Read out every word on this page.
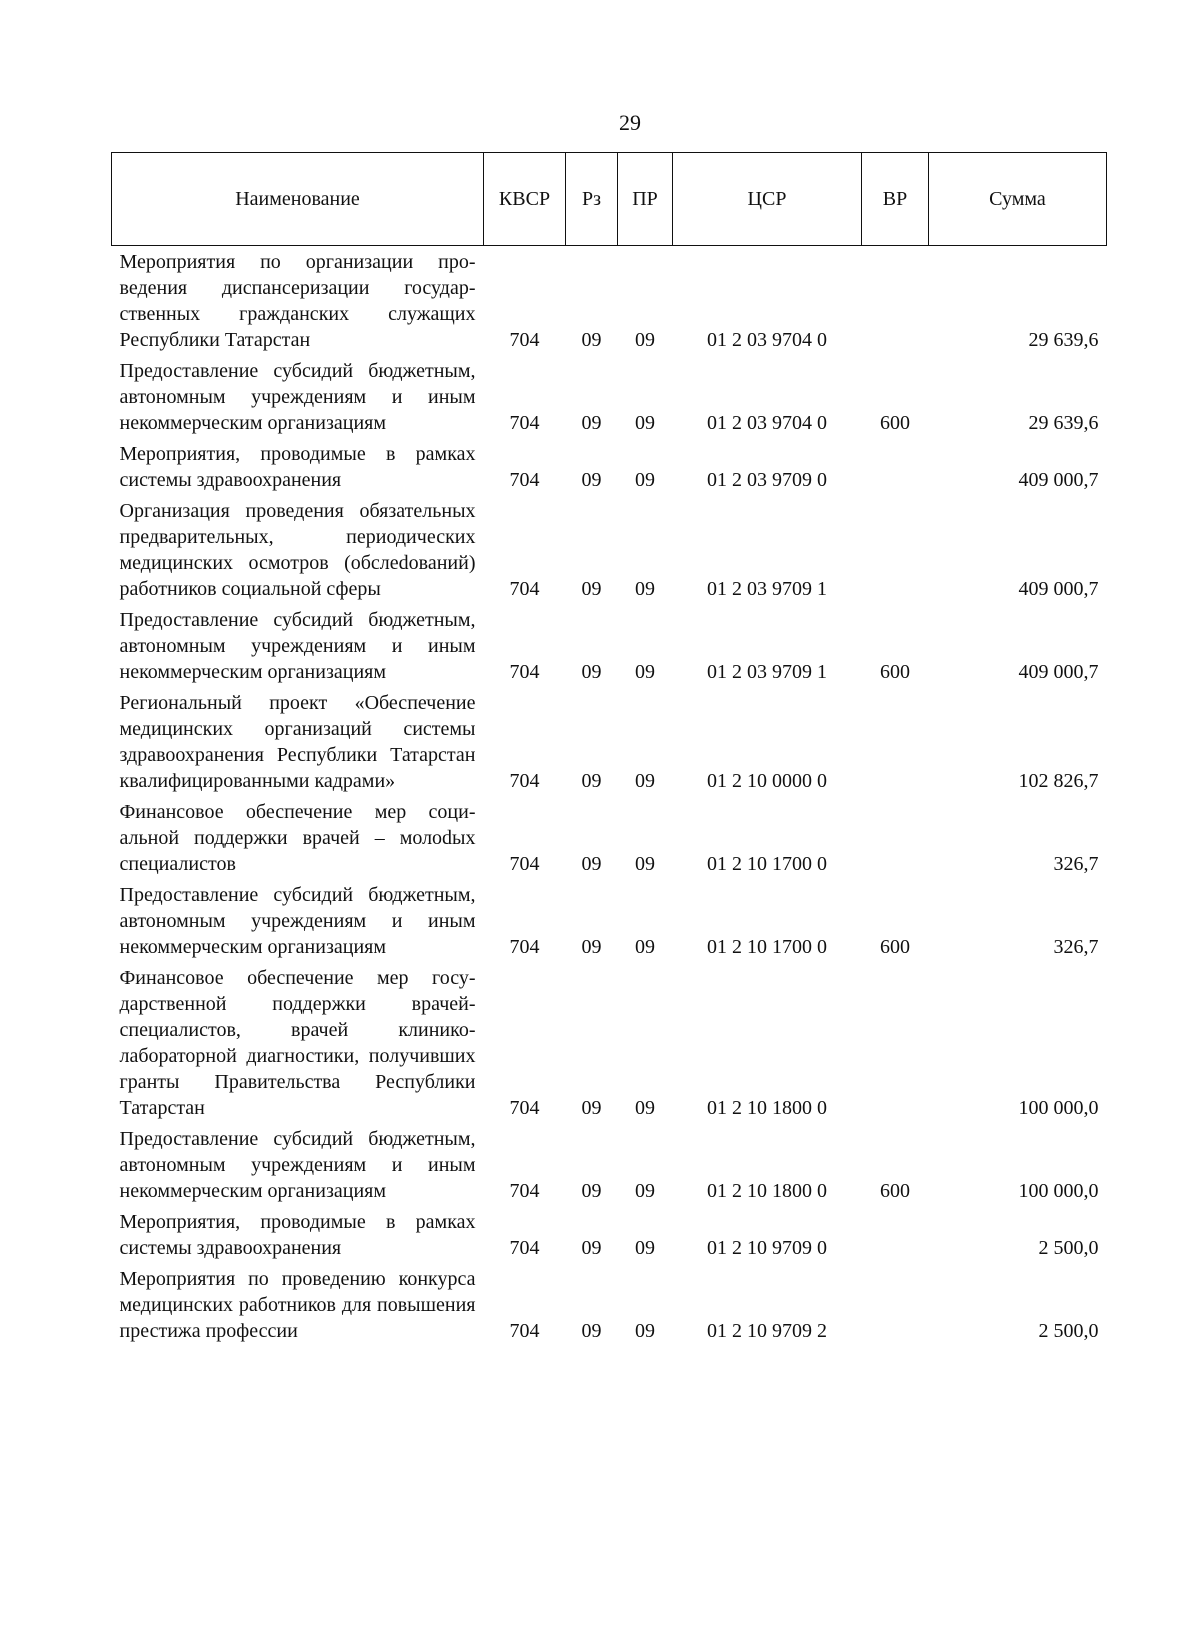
29
Наименование	КВСР	Рз	ПР	ЦСР	ВР	Сумма
Мероприятия по организации проведения диспансеризации государственных гражданских служащих Республики Татарстан	704	09	09	01 2 03 9704 0		29 639,6
Предоставление субсидий бюджетным, автономным учреждениям и иным некоммерческим организациям	704	09	09	01 2 03 9704 0	600	29 639,6
Мероприятия, проводимые в рамках системы здравоохранения	704	09	09	01 2 03 9709 0		409 000,7
Организация проведения обязательных предварительных, периодических медицинских осмотров (обслеdований) работников социальной сферы	704	09	09	01 2 03 9709 1		409 000,7
Предоставление субсидий бюджетным, автономным учреждениям и иным некоммерческим организациям	704	09	09	01 2 03 9709 1	600	409 000,7
Региональный проект «Обеспечение медицинских организаций системы здравоохранения Республики Татарстан квалифицированными кадрами»	704	09	09	01 2 10 0000 0		102 826,7
Финансовое обеспечение мер социальной поддержки врачей – молоdых специалистов	704	09	09	01 2 10 1700 0		326,7
Предоставление субсидий бюджетным, автономным учреждениям и иным некоммерческим организациям	704	09	09	01 2 10 1700 0	600	326,7
Финансовое обеспечение мер государственной поддержки врачей-специалистов, врачей клинико-лабораторной диагностики, получивших гранты Правительства Республики Татарстан	704	09	09	01 2 10 1800 0		100 000,0
Предоставление субсидий бюджетным, автономным учреждениям и иным некоммерческим организациям	704	09	09	01 2 10 1800 0	600	100 000,0
Мероприятия, проводимые в рамках системы здравоохранения	704	09	09	01 2 10 9709 0		2 500,0
Мероприятия по проведению конкурса медицинских работников для повышения престижа профессии	704	09	09	01 2 10 9709 2		2 500,0
